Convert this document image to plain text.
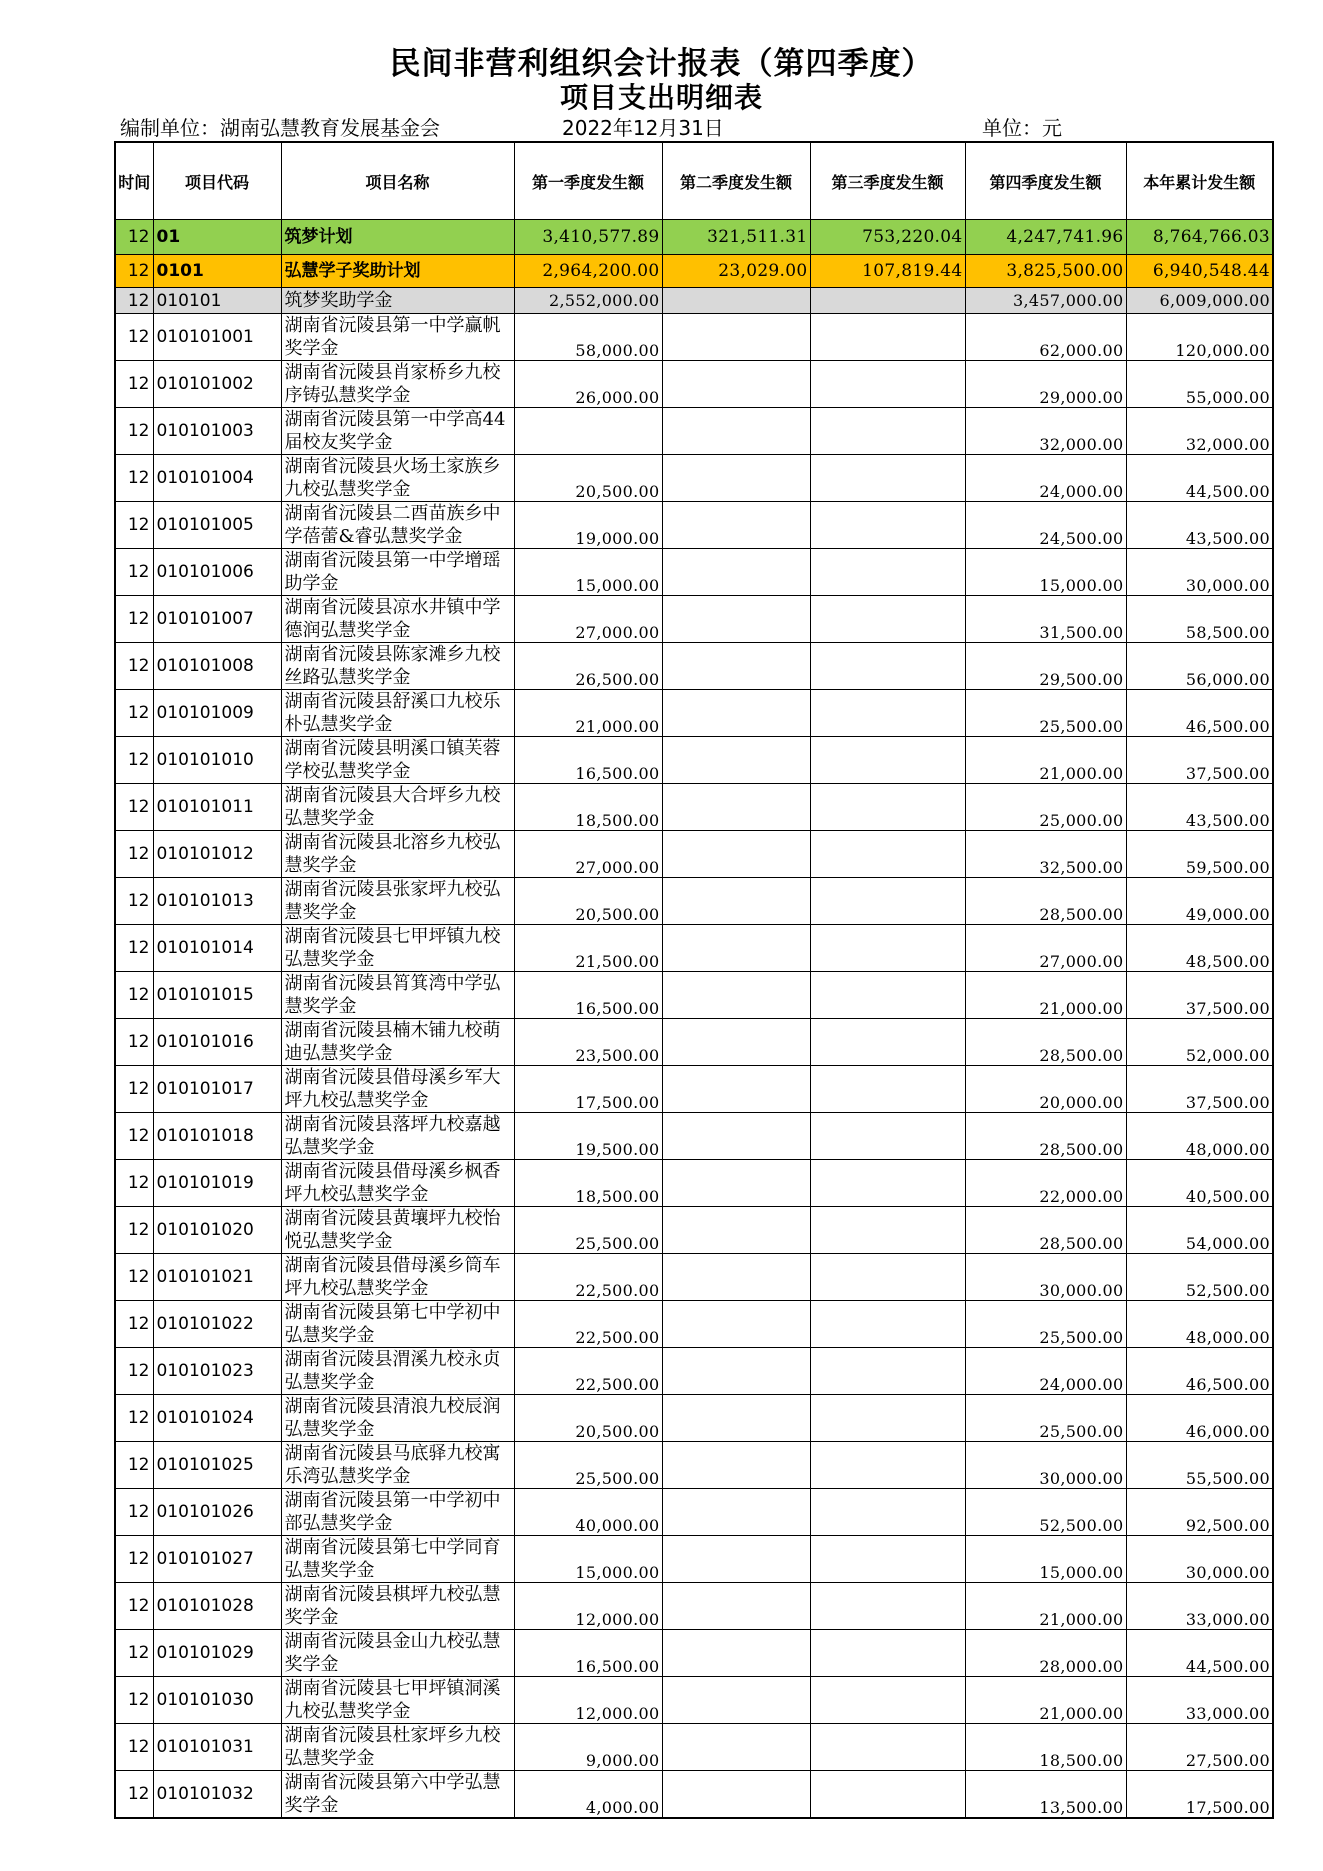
民间非营利组织会计报表（第四季度）
项目支出明细表
编制单位：湖南弘慧教育发展基金会	2022年12月31日	单位：元
时间	项目代码	项目名称	第一季度发生额	第二季度发生额	第三季度发生额	第四季度发生额	本年累计发生额
12	01	筑梦计划	3,410,577.89	321,511.31	753,220.04	4,247,741.96	8,764,766.03
12	0101	弘慧学子奖助计划	2,964,200.00	23,029.00	107,819.44	3,825,500.00	6,940,548.44
12	010101	筑梦奖助学金	2,552,000.00			3,457,000.00	6,009,000.00
12	010101001	湖南省沅陵县第一中学赢帆奖学金	58,000.00			62,000.00	120,000.00
12	010101002	湖南省沅陵县肖家桥乡九校序铸弘慧奖学金	26,000.00			29,000.00	55,000.00
12	010101003	湖南省沅陵县第一中学高44届校友奖学金				32,000.00	32,000.00
12	010101004	湖南省沅陵县火场土家族乡九校弘慧奖学金	20,500.00			24,000.00	44,500.00
12	010101005	湖南省沅陵县二酉苗族乡中学蓓蕾&睿弘慧奖学金	19,000.00			24,500.00	43,500.00
12	010101006	湖南省沅陵县第一中学增瑶助学金	15,000.00			15,000.00	30,000.00
12	010101007	湖南省沅陵县凉水井镇中学德润弘慧奖学金	27,000.00			31,500.00	58,500.00
12	010101008	湖南省沅陵县陈家滩乡九校丝路弘慧奖学金	26,500.00			29,500.00	56,000.00
12	010101009	湖南省沅陵县舒溪口九校乐朴弘慧奖学金	21,000.00			25,500.00	46,500.00
12	010101010	湖南省沅陵县明溪口镇芙蓉学校弘慧奖学金	16,500.00			21,000.00	37,500.00
12	010101011	湖南省沅陵县大合坪乡九校弘慧奖学金	18,500.00			25,000.00	43,500.00
12	010101012	湖南省沅陵县北溶乡九校弘慧奖学金	27,000.00			32,500.00	59,500.00
12	010101013	湖南省沅陵县张家坪九校弘慧奖学金	20,500.00			28,500.00	49,000.00
12	010101014	湖南省沅陵县七甲坪镇九校弘慧奖学金	21,500.00			27,000.00	48,500.00
12	010101015	湖南省沅陵县筲箕湾中学弘慧奖学金	16,500.00			21,000.00	37,500.00
12	010101016	湖南省沅陵县楠木铺九校萌迪弘慧奖学金	23,500.00			28,500.00	52,000.00
12	010101017	湖南省沅陵县借母溪乡军大坪九校弘慧奖学金	17,500.00			20,000.00	37,500.00
12	010101018	湖南省沅陵县落坪九校嘉越弘慧奖学金	19,500.00			28,500.00	48,000.00
12	010101019	湖南省沅陵县借母溪乡枫香坪九校弘慧奖学金	18,500.00			22,000.00	40,500.00
12	010101020	湖南省沅陵县黄壤坪九校怡悦弘慧奖学金	25,500.00			28,500.00	54,000.00
12	010101021	湖南省沅陵县借母溪乡筒车坪九校弘慧奖学金	22,500.00			30,000.00	52,500.00
12	010101022	湖南省沅陵县第七中学初中弘慧奖学金	22,500.00			25,500.00	48,000.00
12	010101023	湖南省沅陵县渭溪九校永贞弘慧奖学金	22,500.00			24,000.00	46,500.00
12	010101024	湖南省沅陵县清浪九校辰润弘慧奖学金	20,500.00			25,500.00	46,000.00
12	010101025	湖南省沅陵县马底驿九校寓乐湾弘慧奖学金	25,500.00			30,000.00	55,500.00
12	010101026	湖南省沅陵县第一中学初中部弘慧奖学金	40,000.00			52,500.00	92,500.00
12	010101027	湖南省沅陵县第七中学同育弘慧奖学金	15,000.00			15,000.00	30,000.00
12	010101028	湖南省沅陵县棋坪九校弘慧奖学金	12,000.00			21,000.00	33,000.00
12	010101029	湖南省沅陵县金山九校弘慧奖学金	16,500.00			28,000.00	44,500.00
12	010101030	湖南省沅陵县七甲坪镇洞溪九校弘慧奖学金	12,000.00			21,000.00	33,000.00
12	010101031	湖南省沅陵县杜家坪乡九校弘慧奖学金	9,000.00			18,500.00	27,500.00
12	010101032	湖南省沅陵县第六中学弘慧奖学金	4,000.00			13,500.00	17,500.00
